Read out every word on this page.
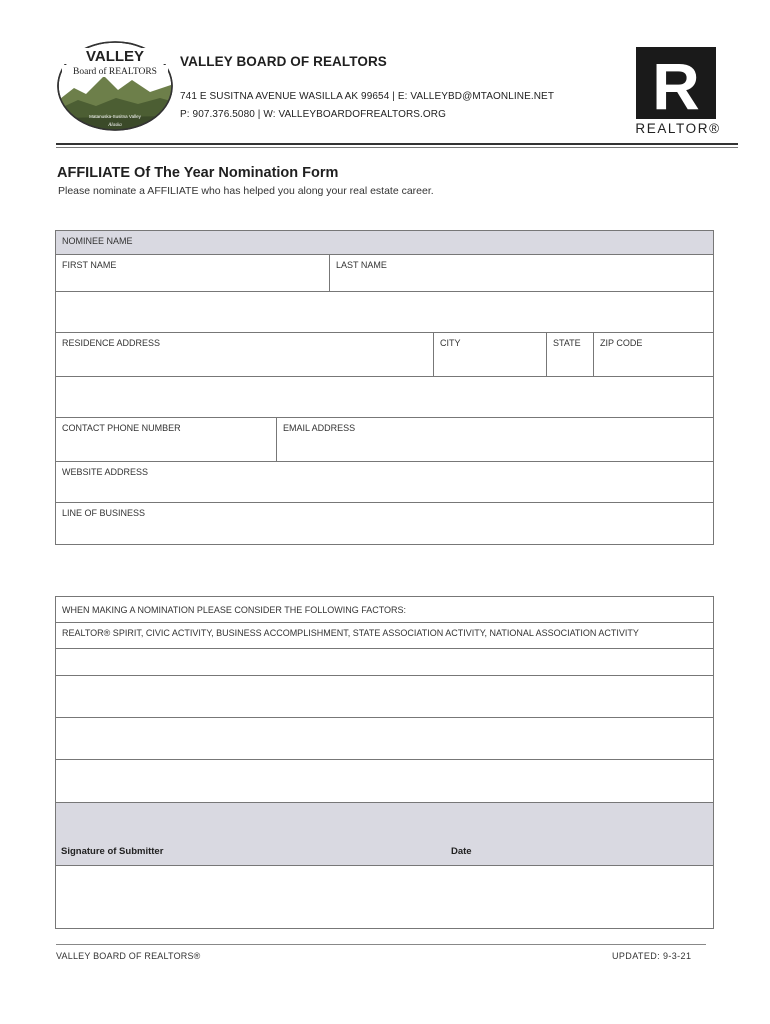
VALLEY
Board of REALTORS
Matanuska-Susitna Valley
Alaska
VALLEY BOARD OF REALTORS
741 E SUSITNA AVENUE WASILLA AK 99654 | E: VALLEYBD@MTAONLINE.NET
P: 907.376.5080 | W: VALLEYBOARDOFREALTORS.ORG	R
REALTOR®
AFFILIATE Of The Year Nomination Form
Please nominate a AFFILIATE who has helped you along your real estate career.
NOMINEE NAME
FIRST NAME	LAST NAME
RESIDENCE ADDRESS	CITY	STATE ZIP CODE
CONTACT PHONE NUMBER	EMAIL ADDRESS
WEBSITE ADDRESS
LINE OF BUSINESS
WHEN MAKING A NOMINATION PLEASE CONSIDER THE FOLLOWING FACTORS:
REALTOR® SPIRIT, CIVIC ACTIVITY, BUSINESS ACCOMPLISHMENT, STATE ASSOCIATION ACTIVITY, NATIONAL ASSOCIATION ACTIVITY
Signature of Submitter	Date
VALLEY BOARD OF REALTORS®	UPDATED: 9-3-21
